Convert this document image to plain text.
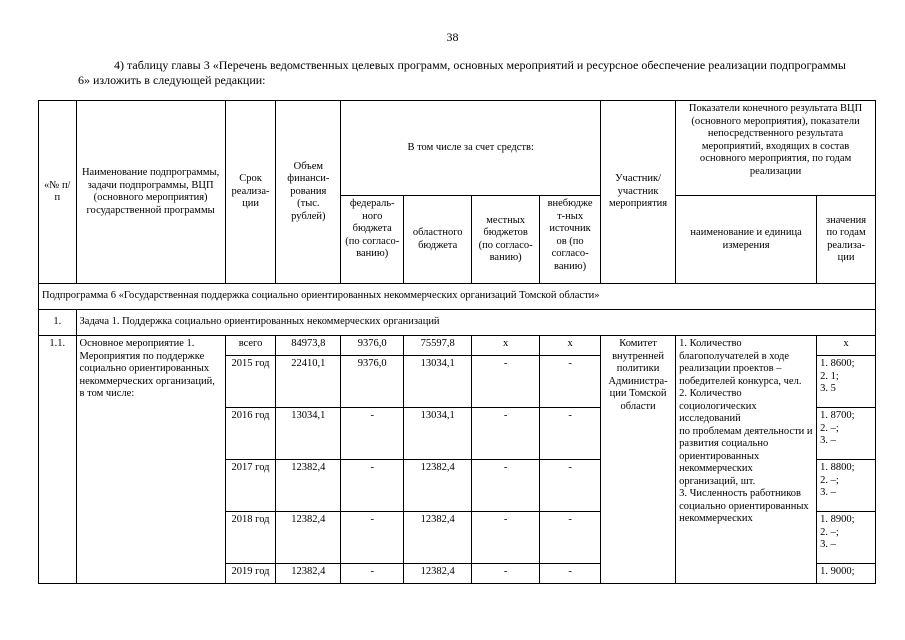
38
4) таблицу главы 3 «Перечень ведомственных целевых программ, основных мероприятий и ресурсное обеспечение реализации подпрограммы 6» изложить в следующей редакции:
«№ п/п	Наименование подпрограммы, задачи подпрограммы, ВЦП (основного мероприятия) государственной программы	Срок реализа-ции	Объем финанси-рования (тыс. рублей)	В том числе за счет средств:				Участник/ участник мероприятия	Показатели конечного результата ВЦП (основного мероприятия), показатели непосредственного результата мероприятий, входящих в состав основного мероприятия, по годам реализации	
				федераль-ного бюджета (по согласо-ванию)	областного бюджета	местных бюджетов (по согласо-ванию)	внебюдже т-ных источник ов (по согласо-ванию)		наименование и единица измерения	значения по годам реализа-ции
Подпрограмма 6 «Государственная поддержка социально ориентированных некоммерческих организаций Томской области»										
1.	Задача 1. Поддержка социально ориентированных некоммерческих организаций									
1.1.	Основное мероприятие 1. Мероприятия по поддержке социально ориентированных некоммерческих организаций, в том числе:	всего	84973,8	9376,0	75597,8	x	x	Комитет внутренней политики Администра-ции Томской области	1. Количество благополучателей в ходе реализации проектов – победителей конкурса, чел.
2. Количество социологических исследований
по проблемам деятельности и развития социально ориентированных некоммерческих организаций, шт.
3. Численность работников социально ориентированных некоммерческих	x
		2015 год	22410,1	9376,0	13034,1	-	-			1. 8600;
2. 1;
3. 5
		2016 год	13034,1	-	13034,1	-	-			1. 8700;
2. –;
3. –
		2017 год	12382,4	-	12382,4	-	-			1. 8800;
2. –;
3. –
		2018 год	12382,4	-	12382,4	-	-			1. 8900;
2. –;
3. –
		2019 год	12382,4	-	12382,4	-	-			1. 9000;
